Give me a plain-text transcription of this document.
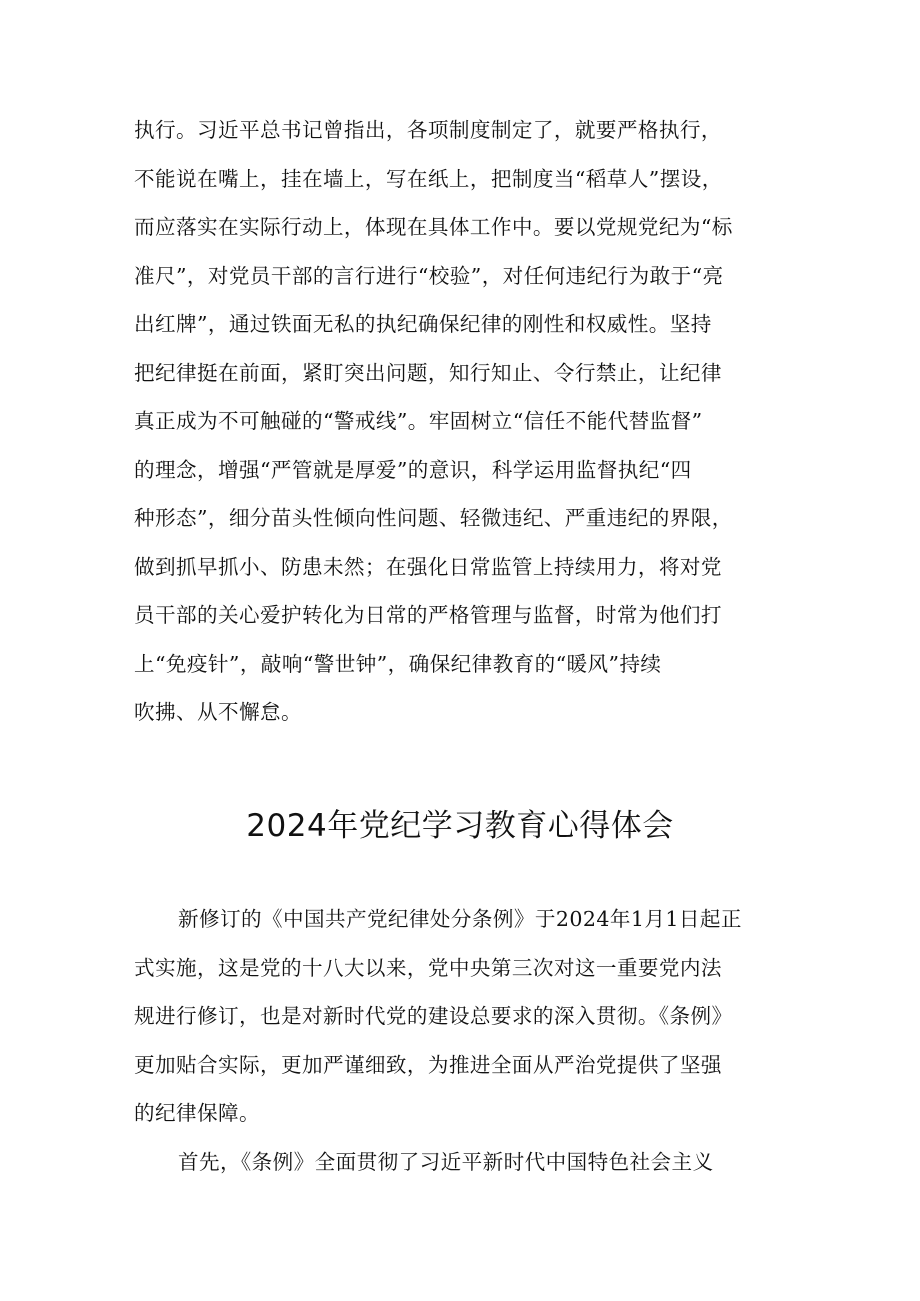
执行。习近平总书记曾指出，各项制度制定了，就要严格执行，
不能说在嘴上，挂在墙上，写在纸上，把制度当“稻草人”摆设，
而应落实在实际行动上，体现在具体工作中。要以党规党纪为“标
准尺”，对党员干部的言行进行“校验”，对任何违纪行为敢于“亮
出红牌”，通过铁面无私的执纪确保纪律的刚性和权威性。坚持
把纪律挺在前面，紧盯突出问题，知行知止、令行禁止，让纪律
真正成为不可触碰的“警戒线”。牢固树立“信任不能代替监督”
的理念，增强“严管就是厚爱”的意识，科学运用监督执纪“四
种形态”，细分苗头性倾向性问题、轻微违纪、严重违纪的界限，
做到抓早抓小、防患未然；在强化日常监管上持续用力，将对党
员干部的关心爱护转化为日常的严格管理与监督，时常为他们打
上“免疫针”，敲响“警世钟”，确保纪律教育的“暖风”持续
吹拂、从不懈怠。
2024年党纪学习教育心得体会
新修订的《中国共产党纪律处分条例》于2024年1月1日起正
式实施，这是党的十八大以来，党中央第三次对这一重要党内法
规进行修订，也是对新时代党的建设总要求的深入贯彻。《条例》
更加贴合实际，更加严谨细致，为推进全面从严治党提供了坚强
的纪律保障。
首先，《条例》全面贯彻了习近平新时代中国特色社会主义
